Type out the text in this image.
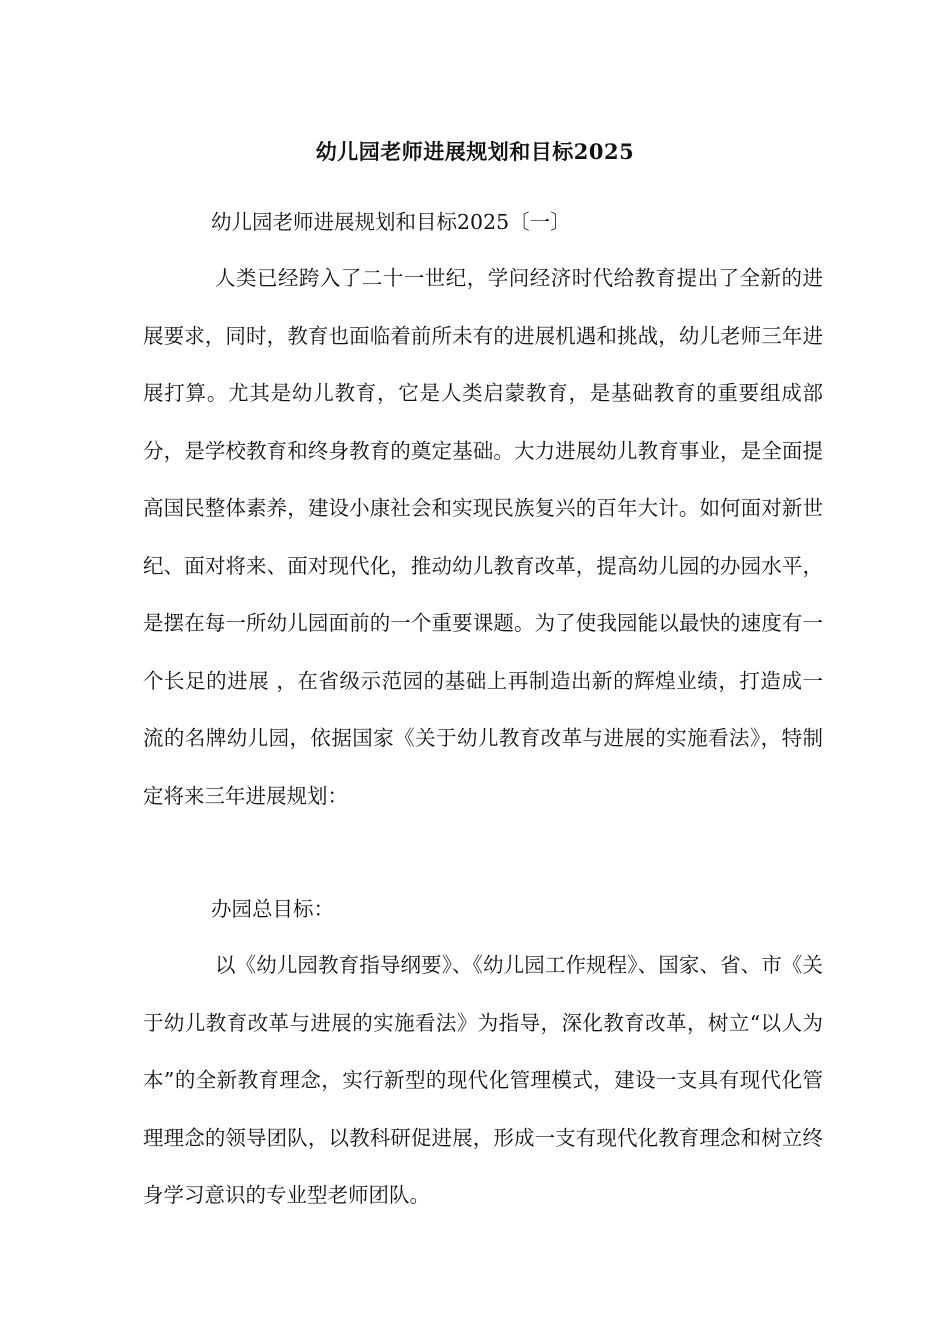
幼儿园老师进展规划和目标2025
幼儿园老师进展规划和目标2025〔一〕
人类已经跨入了二十一世纪，学问经济时代给教育提出了全新的进展要求，同时，教育也面临着前所未有的进展机遇和挑战，幼儿老师三年进展打算。尤其是幼儿教育，它是人类启蒙教育，是基础教育的重要组成部分，是学校教育和终身教育的奠定基础。大力进展幼儿教育事业，是全面提高国民整体素养，建设小康社会和实现民族复兴的百年大计。如何面对新世纪、面对将来、面对现代化，推动幼儿教育改革，提高幼儿园的办园水平，是摆在每一所幼儿园面前的一个重要课题。为了使我园能以最快的速度有一个长足的进展 ，在省级示范园的基础上再制造出新的辉煌业绩，打造成一流的名牌幼儿园，依据国家《关于幼儿教育改革与进展的实施看法》，特制定将来三年进展规划：
办园总目标：
以《幼儿园教育指导纲要》、《幼儿园工作规程》、国家、省、市《关于幼儿教育改革与进展的实施看法》为指导，深化教育改革，树立“以人为本”的全新教育理念，实行新型的现代化管理模式，建设一支具有现代化管理理念的领导团队，以教科研促进展，形成一支有现代化教育理念和树立终身学习意识的专业型老师团队。
